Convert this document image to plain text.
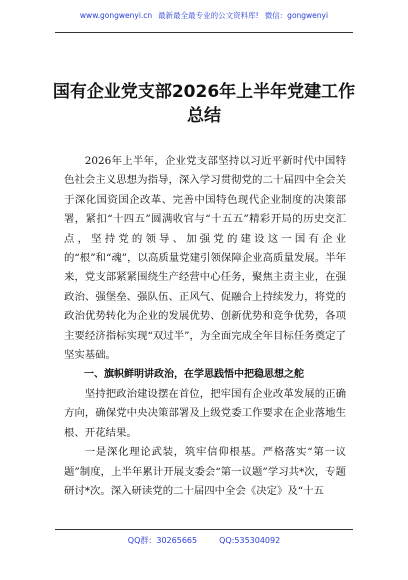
www.gongwenyi.cn 最新最全最专业的公文资料库! 微信：gongwenyi
国有企业党支部2026年上半年党建工作
总结

2026年上半年，企业党支部坚持以习近平新时代中国特色社会主义思想为指导，深入学习贯彻党的二十届四中全会关于深化国资国企改革、完善中国特色现代企业制度的决策部署，紧扣“十四五”圆满收官与“十五五”精彩开局的历史交汇点，坚持党的领导、加强党的建设这一国有企业的“根”和“魂”，以高质量党建引领保障企业高质量发展。半年来，党支部紧紧围绕生产经营中心任务，聚焦主责主业，在强政治、强堡垒、强队伍、正风气、促融合上持续发力，将党的政治优势转化为企业的发展优势、创新优势和竞争优势，各项主要经济指标实现“双过半”，为全面完成全年目标任务奠定了坚实基础。

一、旗帜鲜明讲政治，在学思践悟中把稳思想之舵

坚持把政治建设摆在首位，把牢国有企业改革发展的正确方向，确保党中央决策部署及上级党委工作要求在企业落地生根、开花结果。

一是深化理论武装，筑牢信仰根基。严格落实“第一议题”制度，上半年累计开展支委会“第一议题”学习共*次，专题研讨*次。深入研读党的二十届四中全会《决定》及“十五

QQ群：30265665	QQ:535304092
